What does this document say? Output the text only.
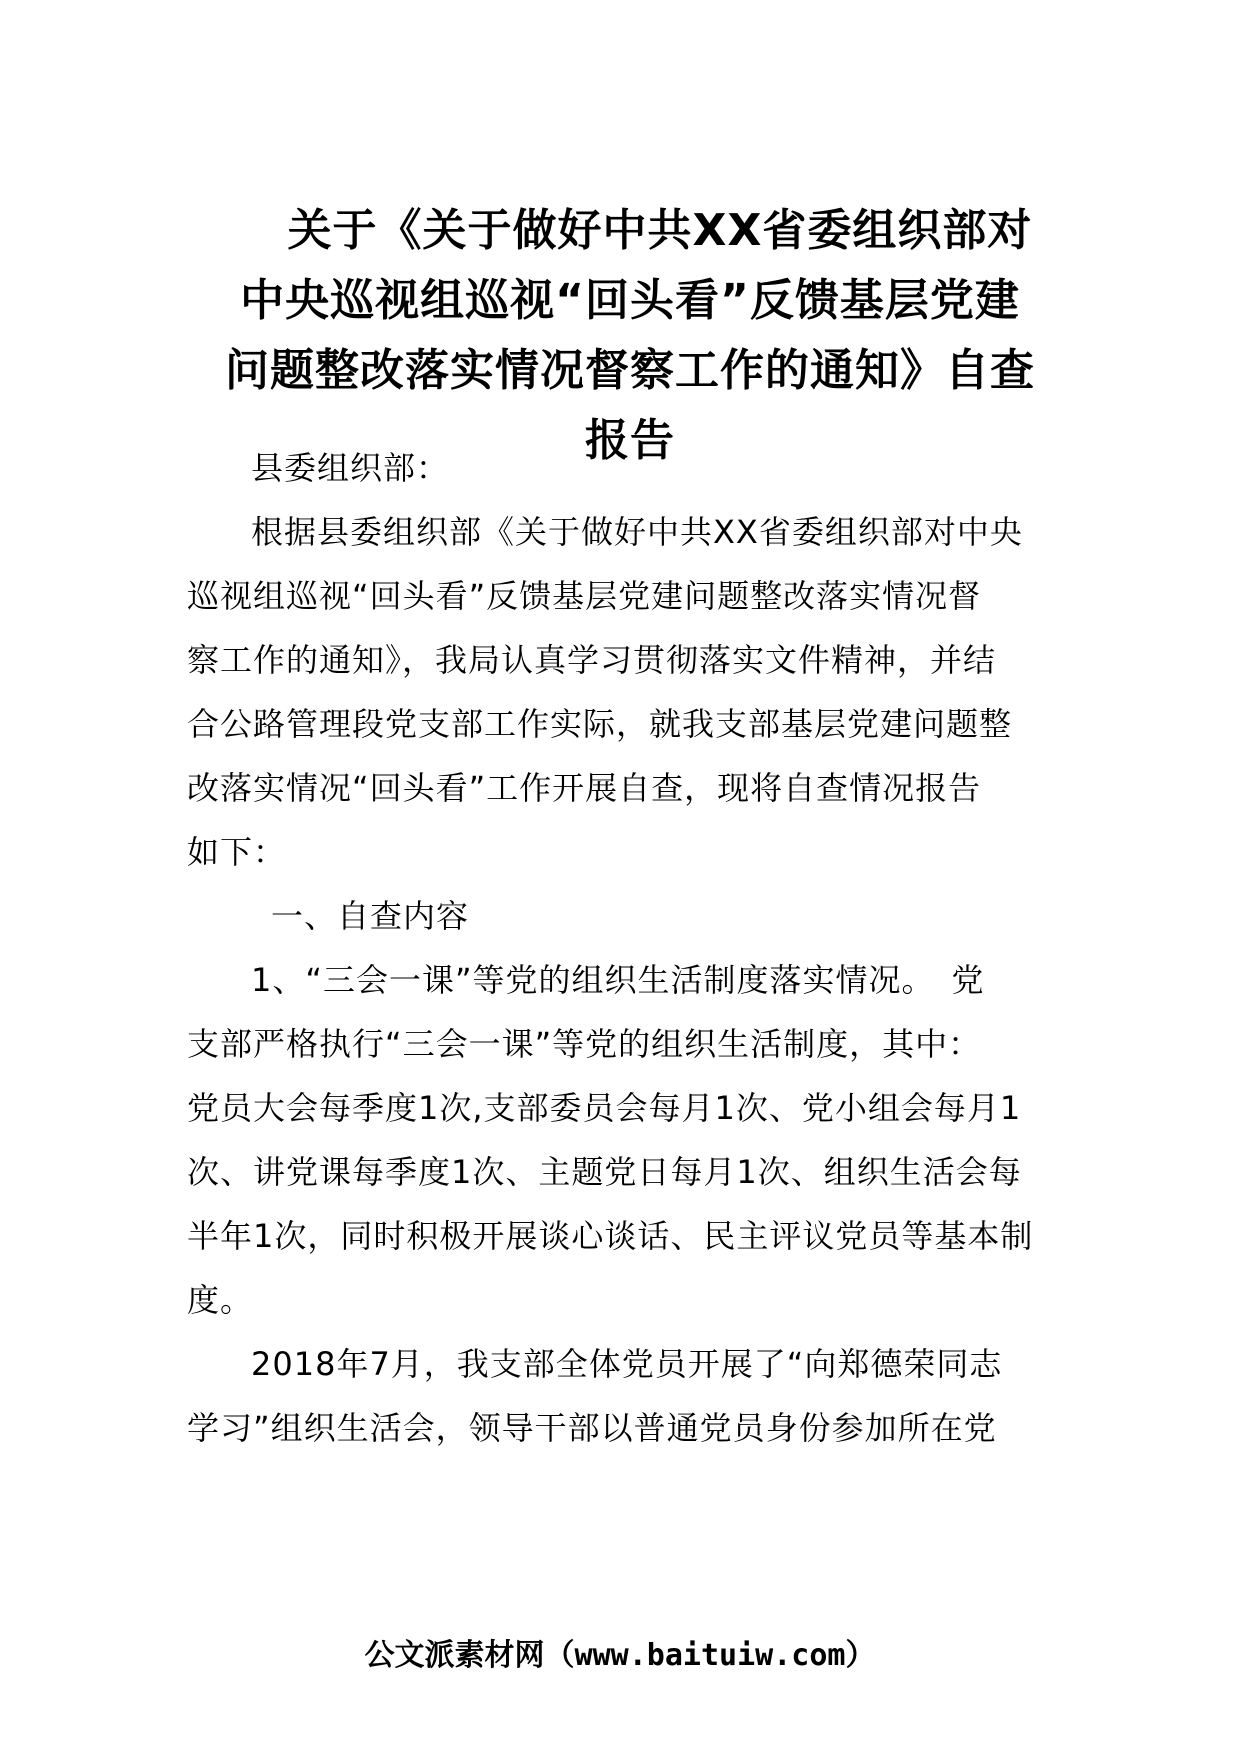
关于《关于做好中共XX省委组织部对
中央巡视组巡视“回头看”反馈基层党建
问题整改落实情况督察工作的通知》自查
报告
县委组织部：
根据县委组织部《关于做好中共XX省委组织部对中央
巡视组巡视“回头看”反馈基层党建问题整改落实情况督
察工作的通知》，我局认真学习贯彻落实文件精神，并结
合公路管理段党支部工作实际，就我支部基层党建问题整
改落实情况“回头看”工作开展自查，现将自查情况报告
如下：
一、自查内容
1、“三会一课”等党的组织生活制度落实情况。　党
支部严格执行“三会一课”等党的组织生活制度，其中：
党员大会每季度1次,支部委员会每月1次、党小组会每月1
次、讲党课每季度1次、主题党日每月1次、组织生活会每
半年1次，同时积极开展谈心谈话、民主评议党员等基本制
度。
2018年7月，我支部全体党员开展了“向郑德荣同志
学习”组织生活会，领导干部以普通党员身份参加所在党
公文派素材网（www.baituiw.com）
